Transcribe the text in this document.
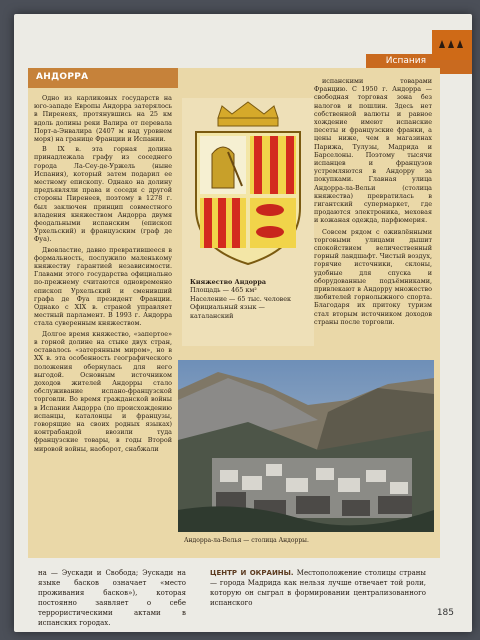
Испания
АНДОРРА

Одно из карликовых государств на юго-западе Европы Андорра затерялось в Пиренеях, протянувшись на 25 км вдоль долины реки Валира от перевала Порт-а-Энвалира (2407 м над уровнем моря) на границе Франции и Испании.

В IX в. эта горная долина принадлежала графу из соседнего города Ла-Сеу-де-Уржель (ныне Испания), который затем подарил ее местному епископу. Однако на долину предъявляли права и соседи с другой стороны Пиренеев, поэтому в 1278 г. был заключен принцип совместного владения княжеством Андорра двумя феодальными испанским (епископ Урхельский) и французским (граф де Фуа).

Двовластие, давно превратившееся в формальность, послужило маленькому княжеству гарантией независимости. Главами этого государства официально по-прежнему считаются одновременно епископ Урхельский и сменивший графа де Фуа президент Франции. Однако с XIX в. страной управляет местный парламент. В 1993 г. Андорра стала суверенным княжеством.

Долгое время княжество, «запертое» в горной долине на стыке двух стран, оставалось «затерянным миром», но в XX в. эта особенность географического положения обернулась для него выгодой. Основным источником доходов жителей Андорры стало обслуживание испано-французской торговли. Во время гражданской войны в Испании Андорра (по происхождению испанцы, каталонцы и французы, говорящие на своих родных языках) контрабандой ввозили туда французские товары, в годы Второй мировой войны, наоборот, снабжали

Княжество Андорра
Площадь — 465 км²
Население — 65 тыс. человек
Официальный язык — каталанский

испанскими товарами Францию. С 1950 г. Андорра — свободная торговая зона без налогов и пошлин. Здесь нет собственной валюты и равное хождение имеют испанские песеты и французские франки, а цены ниже, чем в магазинах Парижа, Тулузы, Мадрида и Барселоны. Поэтому тысячи испанцев и французов устремляются в Андорру за покупками. Главная улица Андорра-ла-Вельи (столица княжества) превратилась в гигантский супермаркет, где продаются электроника, меховая и кожаная одежда, парфюмерия.

Совсем рядом с оживлёнными торговыми улицами дышит спокойствием величественный горный ландшафт. Чистый воздух, горячие источники, склоны, удобные для спуска и оборудованные подъёмниками, привлекают в Андорру множество любителей горнолыжного спорта. Благодаря их притоку туризм стал вторым источником доходов страны после торговли.

Андорра-ла-Велья — столица Андорры.
на — Эускади и Свобода; Эускади на языке басков означает «место проживания басков»), которая постоянно заявляет о себе террористическими актами в испанских городах.
ЦЕНТР И ОКРАИНЫ. Местоположение столицы страны — города Мадрида как нельзя лучше отвечает той роли, которую он сыграл в формировании централизованного испанского
185
